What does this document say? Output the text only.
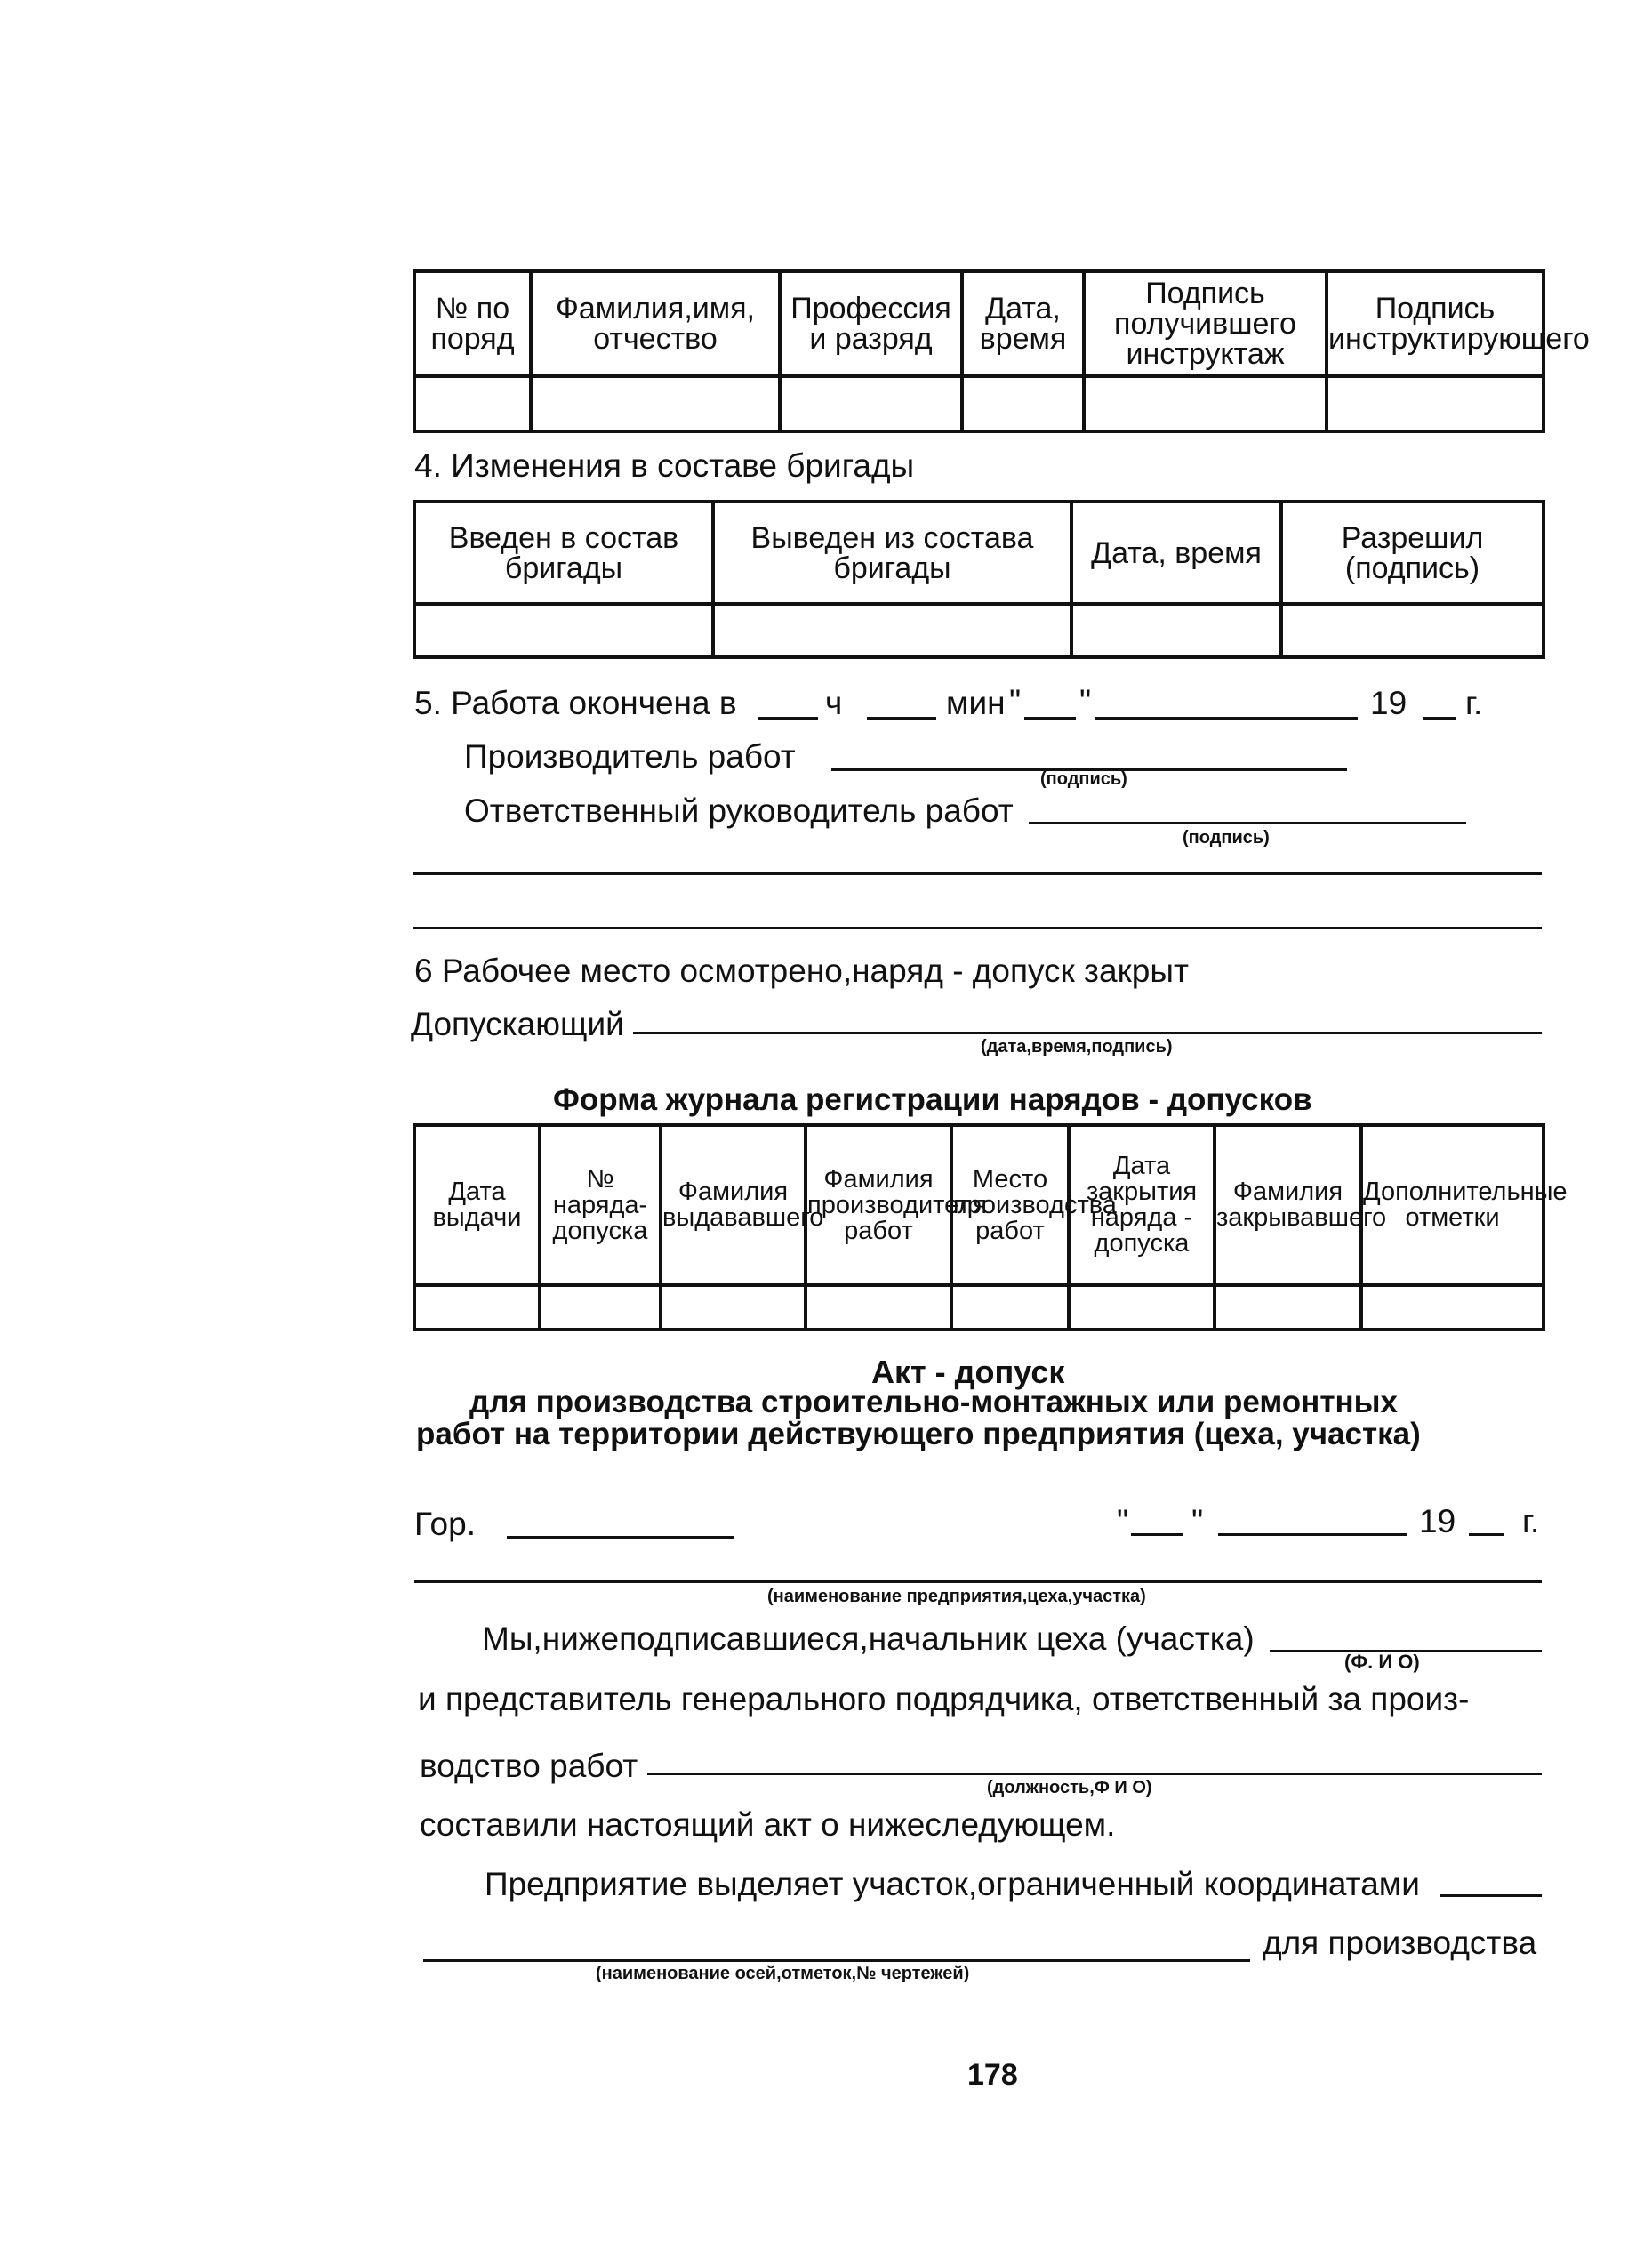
№ по поряд	Фамилия,имя, отчество	Профессия и разряд	Дата, время	Подпись получившего инструктаж	Подпись инструктирующего

4. Изменения в составе бригады
Введен в состав бригады	Выведен из состава бригады	Дата, время	Разрешил (подпись)

5. Работа окончена в	ч	мин " "	19 г.
Производитель работ
(подпись)
Ответственный руководитель работ
(подпись)
6 Рабочее место осмотрено,наряд - допуск закрыт
Допускающий
(дата,время,подпись)
Форма журнала регистрации нарядов - допусков
Дата выдачи	№ наряда-допуска	Фамилия выдававшего	Фамилия производителя работ	Место производства работ	Дата закрытия наряда - допуска	Фамилия закрывавшего	Дополнительные отметки

Акт - допуск
для производства строительно-монтажных или ремонтных
работ на территории действующего предприятия (цеха, участка)
Гор.	" "	19 г.
(наименование предприятия,цеха,участка)
Мы,нижеподписавшиеся,начальник цеха (участка)
(Ф. И О)
и представитель генерального подрядчика, ответственный за произ-
водство работ
(должность,Ф И О)
составили настоящий акт о нижеследующем.
Предприятие выделяет участок,ограниченный координатами
для производства
(наименование осей,отметок,№ чертежей)
178
